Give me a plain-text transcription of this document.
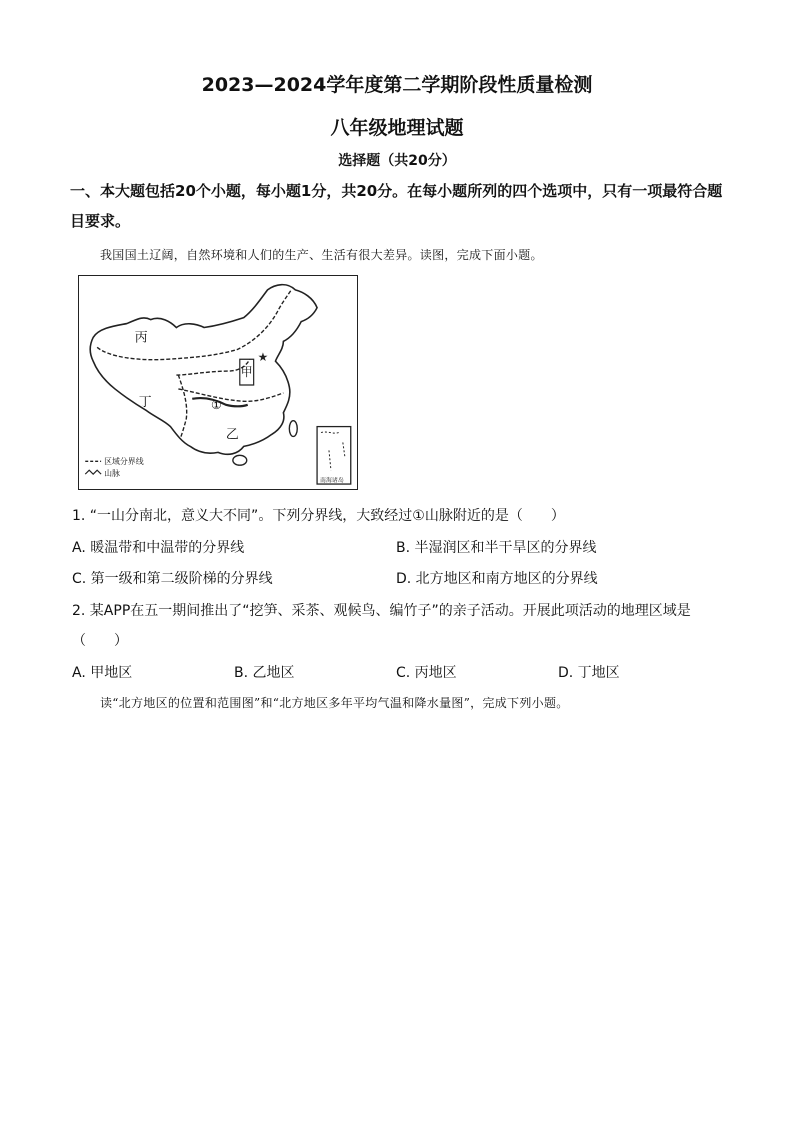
2023—2024学年度第二学期阶段性质量检测
八年级地理试题
选择题（共20分）
一、本大题包括20个小题，每小题1分，共20分。在每小题所列的四个选项中，只有一项最符合题目要求。
我国国土辽阔，自然环境和人们的生产、生活有很大差异。读图，完成下面小题。
★
丙
甲
丁
乙
①
区域分界线
山脉
南海诸岛
1. “一山分南北，意义大不同”。下列分界线，大致经过①山脉附近的是（　　）
A. 暖温带和中温带的分界线	B. 半湿润区和半干旱区的分界线
C. 第一级和第二级阶梯的分界线	D. 北方地区和南方地区的分界线
2. 某APP在五一期间推出了“挖笋、采茶、观候鸟、编竹子”的亲子活动。开展此项活动的地理区域是
（　　）
A. 甲地区	B. 乙地区	C. 丙地区	D. 丁地区
读“北方地区的位置和范围图”和“北方地区多年平均气温和降水量图”，完成下列小题。
